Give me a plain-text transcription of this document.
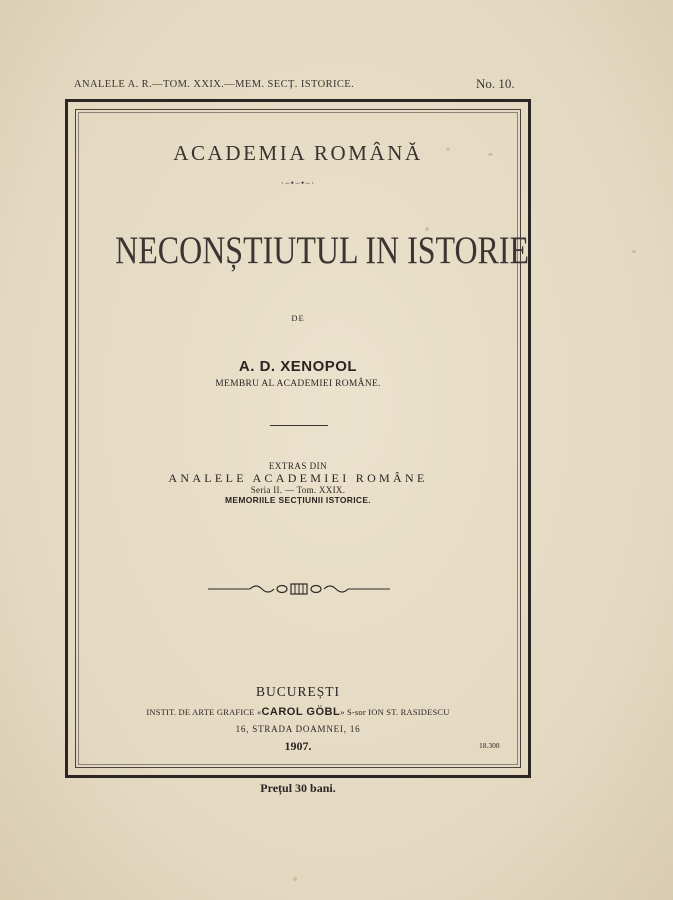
ANALELE A. R.—TOM. XXIX.—MEM. SECȚ. ISTORICE.	No. 10.
ACADEMIA ROMÂNĂ
·−•−•−·
NECONȘTIUTUL IN ISTORIE
DE
A. D. XENOPOL
MEMBRU AL ACADEMIEI ROMÂNE.
EXTRAS DIN
ANALELE ACADEMIEI ROMÂNE
Seria II. — Tom. XXIX.
MEMORIILE SECȚIUNII ISTORICE.
BUCUREȘTI
INSTIT. DE ARTE GRAFICE «CAROL GÖBL» S-sor ION ST. RASIDESCU
16, STRADA DOAMNEI, 16
1907.	18.308
Prețul 30 bani.
